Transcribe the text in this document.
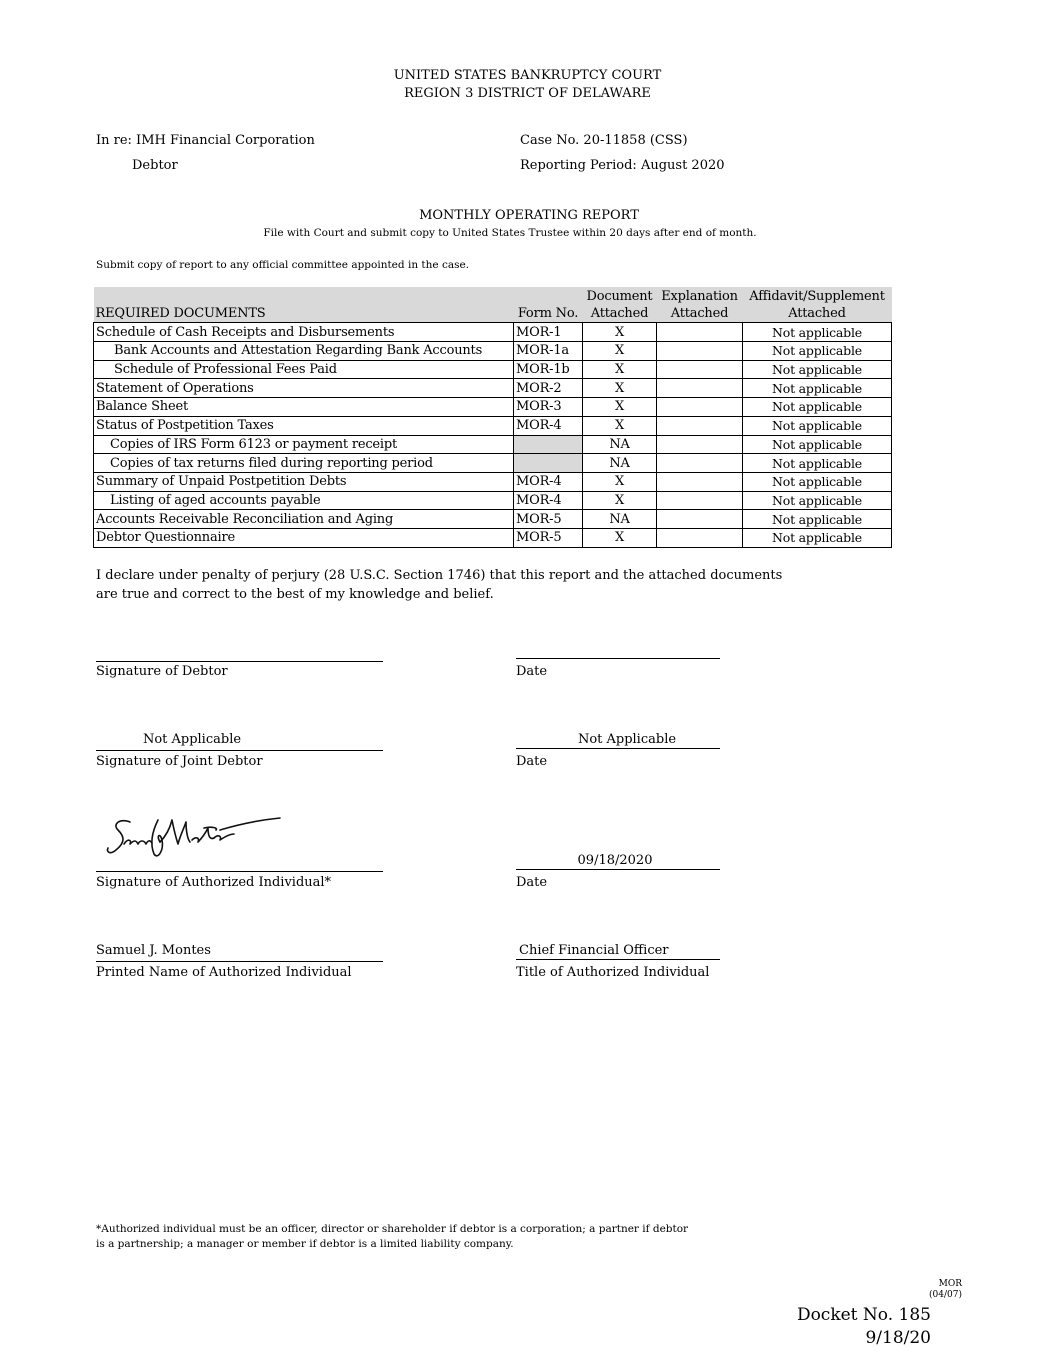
UNITED STATES BANKRUPTCY COURT
REGION 3 DISTRICT OF DELAWARE
In re: IMH Financial Corporation
Debtor
Case No. 20-11858 (CSS)
Reporting Period: August 2020
MONTHLY OPERATING REPORT
File with Court and submit copy to United States Trustee within 20 days after end of month.
Submit copy of report to any official committee appointed in the case.
		Document	Explanation	Affidavit/Supplement
REQUIRED DOCUMENTS	Form No.	Attached	Attached	Attached
Schedule of Cash Receipts and Disbursements	MOR-1	X		Not applicable
Bank Accounts and Attestation Regarding Bank Accounts	MOR-1a	X		Not applicable
Schedule of Professional Fees Paid	MOR-1b	X		Not applicable
Statement of Operations	MOR-2	X		Not applicable
Balance Sheet	MOR-3	X		Not applicable
Status of Postpetition Taxes	MOR-4	X		Not applicable
Copies of IRS Form 6123 or payment receipt		NA		Not applicable
Copies of tax returns filed during reporting period		NA		Not applicable
Summary of Unpaid Postpetition Debts	MOR-4	X		Not applicable
Listing of aged accounts payable	MOR-4	X		Not applicable
Accounts Receivable Reconciliation and Aging	MOR-5	NA		Not applicable
Debtor Questionnaire	MOR-5	X		Not applicable
I declare under penalty of perjury (28 U.S.C. Section 1746) that this report and the attached documents
are true and correct to the best of my knowledge and belief.
Signature of Debtor	Date
Not Applicable
Signature of Joint Debtor
Not Applicable
Date
Signature of Authorized Individual*
09/18/2020
Date
Samuel J. Montes
Printed Name of Authorized Individual
Chief Financial Officer
Title of Authorized Individual
*Authorized individual must be an officer, director or shareholder if debtor is a corporation; a partner if debtor
is a partnership; a manager or member if debtor is a limited liability company.
MOR
(04/07)
Docket No. 185
9/18/20
